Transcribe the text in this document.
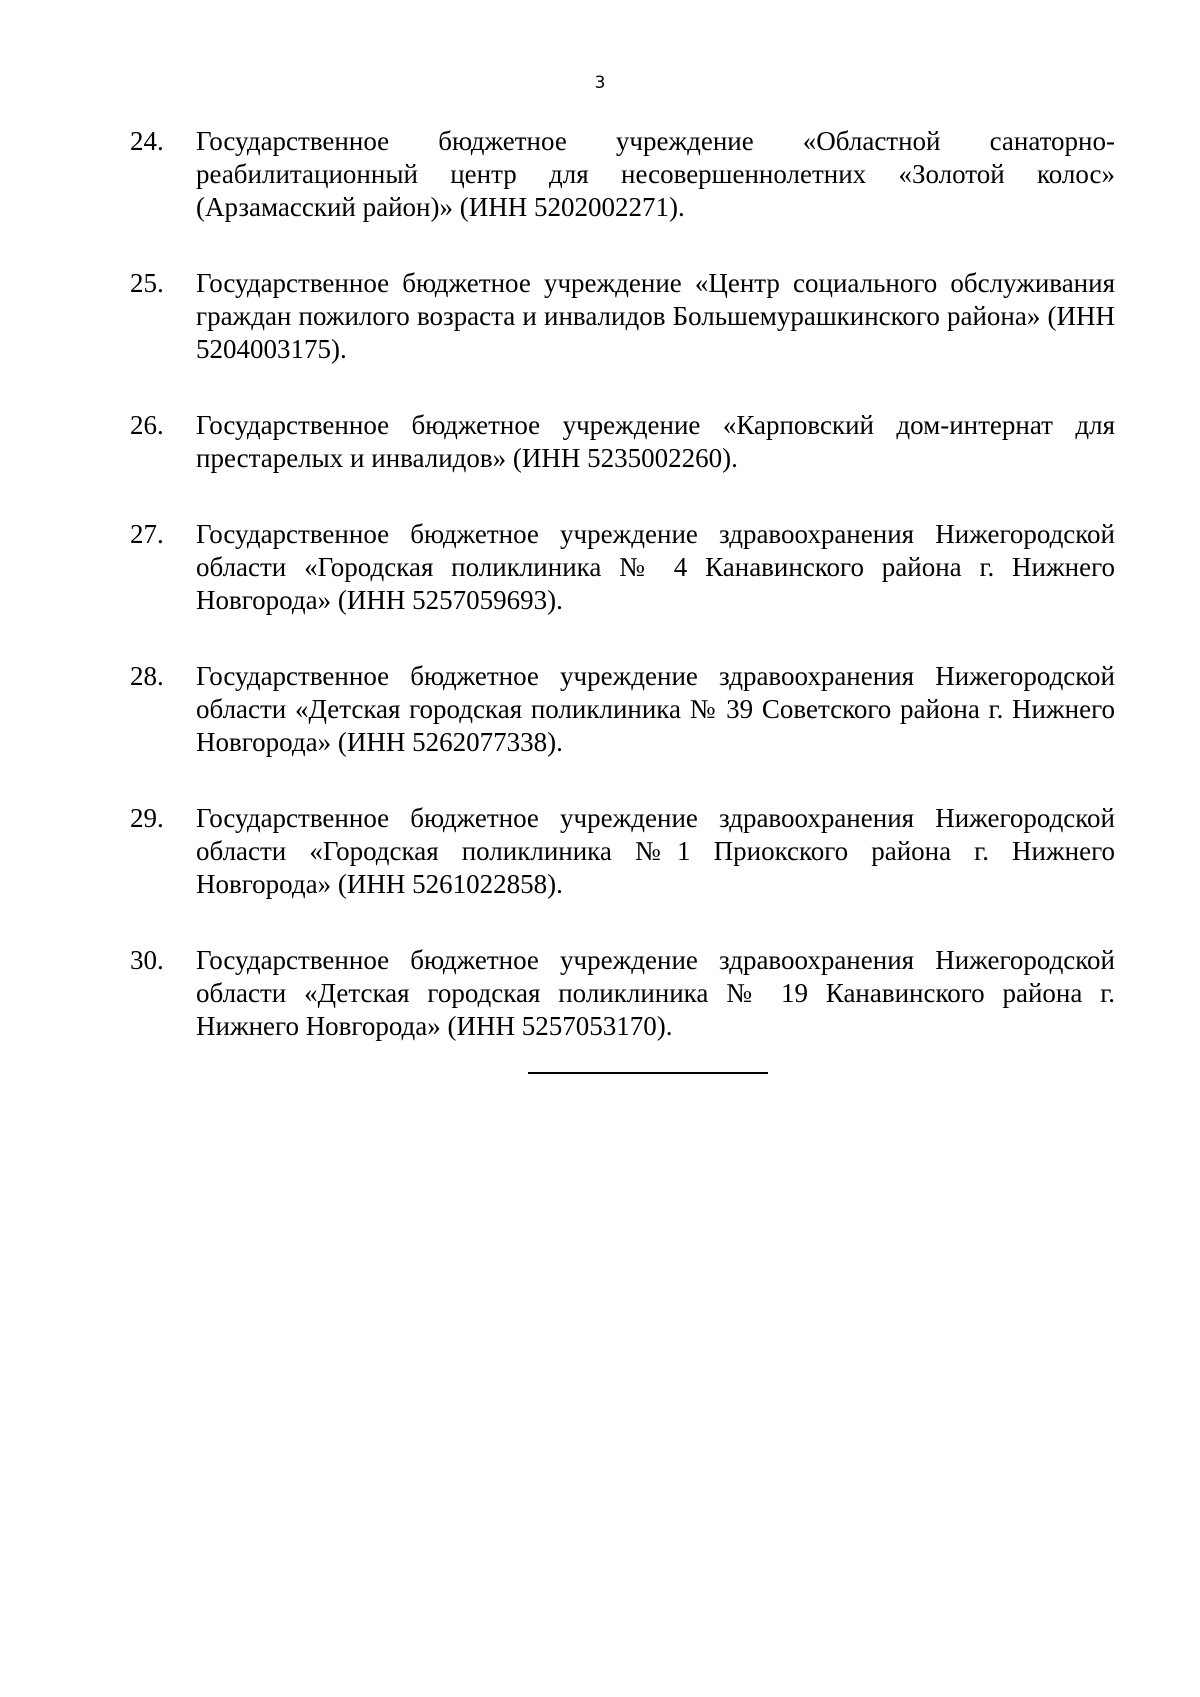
3
24.	Государственное бюджетное учреждение «Областной санаторно-реабилитационный центр для несовершеннолетних «Золотой колос» (Арзамасский район)» (ИНН 5202002271).
25.	Государственное бюджетное учреждение «Центр социального обслуживания граждан пожилого возраста и инвалидов Большемурашкинского района» (ИНН 5204003175).
26.	Государственное бюджетное учреждение «Карповский дом-интернат для престарелых и инвалидов» (ИНН 5235002260).
27.	Государственное бюджетное учреждение здравоохранения Нижегородской области «Городская поликлиника № 4 Канавинского района г. Нижнего Новгорода» (ИНН 5257059693).
28.	Государственное бюджетное учреждение здравоохранения Нижегородской области «Детская городская поликлиника № 39 Советского района г. Нижнего Новгорода» (ИНН 5262077338).
29.	Государственное бюджетное учреждение здравоохранения Нижегородской области «Городская поликлиника №1 Приокского района г. Нижнего Новгорода» (ИНН 5261022858).
30.	Государственное бюджетное учреждение здравоохранения Нижегородской области «Детская городская поликлиника № 19 Канавинского района г. Нижнего Новгорода» (ИНН 5257053170).
